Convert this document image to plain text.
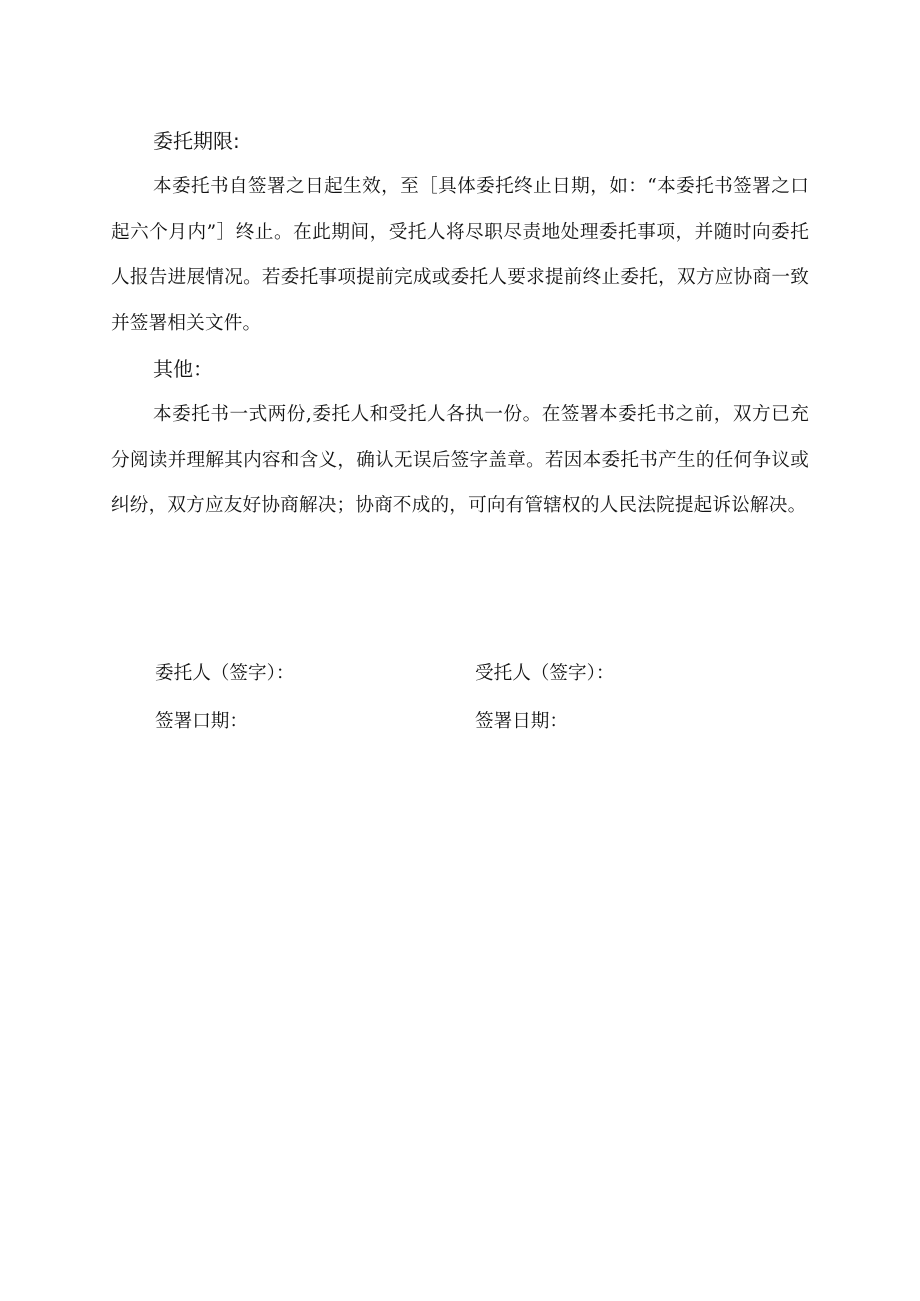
委托期限:

本委托书自签署之日起生效，至［具体委托终止日期，如：“本委托书签署之口起六个月内”］终止。在此期间，受托人将尽职尽责地处理委托事项，并随时向委托人报告进展情况。若委托事项提前完成或委托人要求提前终止委托，双方应协商一致并签署相关文件。

其他：

本委托书一式两份,委托人和受托人各执一份。在签署本委托书之前，双方已充分阅读并理解其内容和含义，确认无误后签字盖章。若因本委托书产生的任何争议或纠纷，双方应友好协商解决；协商不成的，可向有管辖权的人民法院提起诉讼解决。

委托人（签字）：
签署口期：
受托人（签字）：
签署日期：
